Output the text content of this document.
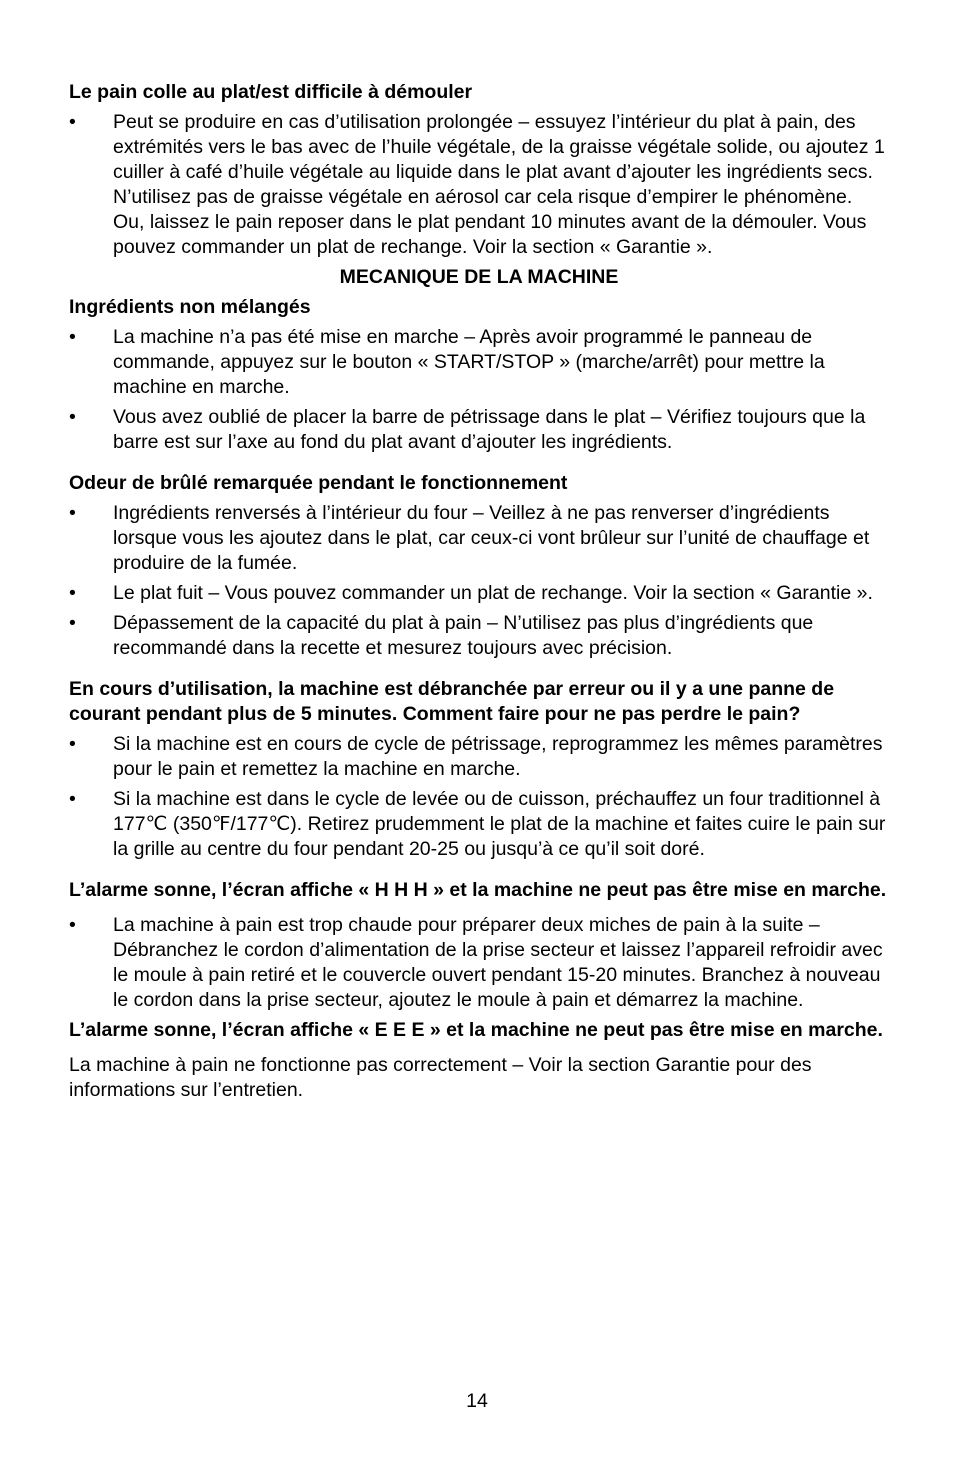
Le pain colle au plat/est difficile à démouler

• Peut se produire en cas d’utilisation prolongée – essuyez l’intérieur du plat à pain, des extrémités vers le bas avec de l’huile végétale, de la graisse végétale solide, ou ajoutez 1 cuiller à café d’huile végétale au liquide dans le plat avant d’ajouter les ingrédients secs. N’utilisez pas de graisse végétale en aérosol car cela risque d’empirer le phénomène. Ou, laissez le pain reposer dans le plat pendant 10 minutes avant de la démouler. Vous pouvez commander un plat de rechange. Voir la section « Garantie ».

MECANIQUE DE LA MACHINE

Ingrédients non mélangés

• La machine n’a pas été mise en marche – Après avoir programmé le panneau de commande, appuyez sur le bouton « START/STOP » (marche/arrêt) pour mettre la machine en marche.
• Vous avez oublié de placer la barre de pétrissage dans le plat – Vérifiez toujours que la barre est sur l’axe au fond du plat avant d’ajouter les ingrédients.

Odeur de brûlé remarquée pendant le fonctionnement

• Ingrédients renversés à l’intérieur du four – Veillez à ne pas renverser d’ingrédients lorsque vous les ajoutez dans le plat, car ceux-ci vont brûleur sur l’unité de chauffage et produire de la fumée.
• Le plat fuit – Vous pouvez commander un plat de rechange. Voir la section « Garantie ».
• Dépassement de la capacité du plat à pain – N’utilisez pas plus d’ingrédients que recommandé dans la recette et mesurez toujours avec précision.

En cours d’utilisation, la machine est débranchée par erreur ou il y a une panne de courant pendant plus de 5 minutes. Comment faire pour ne pas perdre le pain?

• Si la machine est en cours de cycle de pétrissage, reprogrammez les mêmes paramètres pour le pain et remettez la machine en marche.
• Si la machine est dans le cycle de levée ou de cuisson, préchauffez un four traditionnel à 177℃ (350℉/177℃). Retirez prudemment le plat de la machine et faites cuire le pain sur la grille au centre du four pendant 20-25 ou jusqu’à ce qu’il soit doré.

L’alarme sonne, l’écran affiche « H H H » et la machine ne peut pas être mise en marche.

• La machine à pain est trop chaude pour préparer deux miches de pain à la suite – Débranchez le cordon d’alimentation de la prise secteur et laissez l’appareil refroidir avec le moule à pain retiré et le couvercle ouvert pendant 15-20 minutes. Branchez à nouveau le cordon dans la prise secteur, ajoutez le moule à pain et démarrez la machine.

L’alarme sonne, l’écran affiche « E E E » et la machine ne peut pas être mise en marche.

La machine à pain ne fonctionne pas correctement – Voir la section Garantie pour des informations sur l’entretien.

14
